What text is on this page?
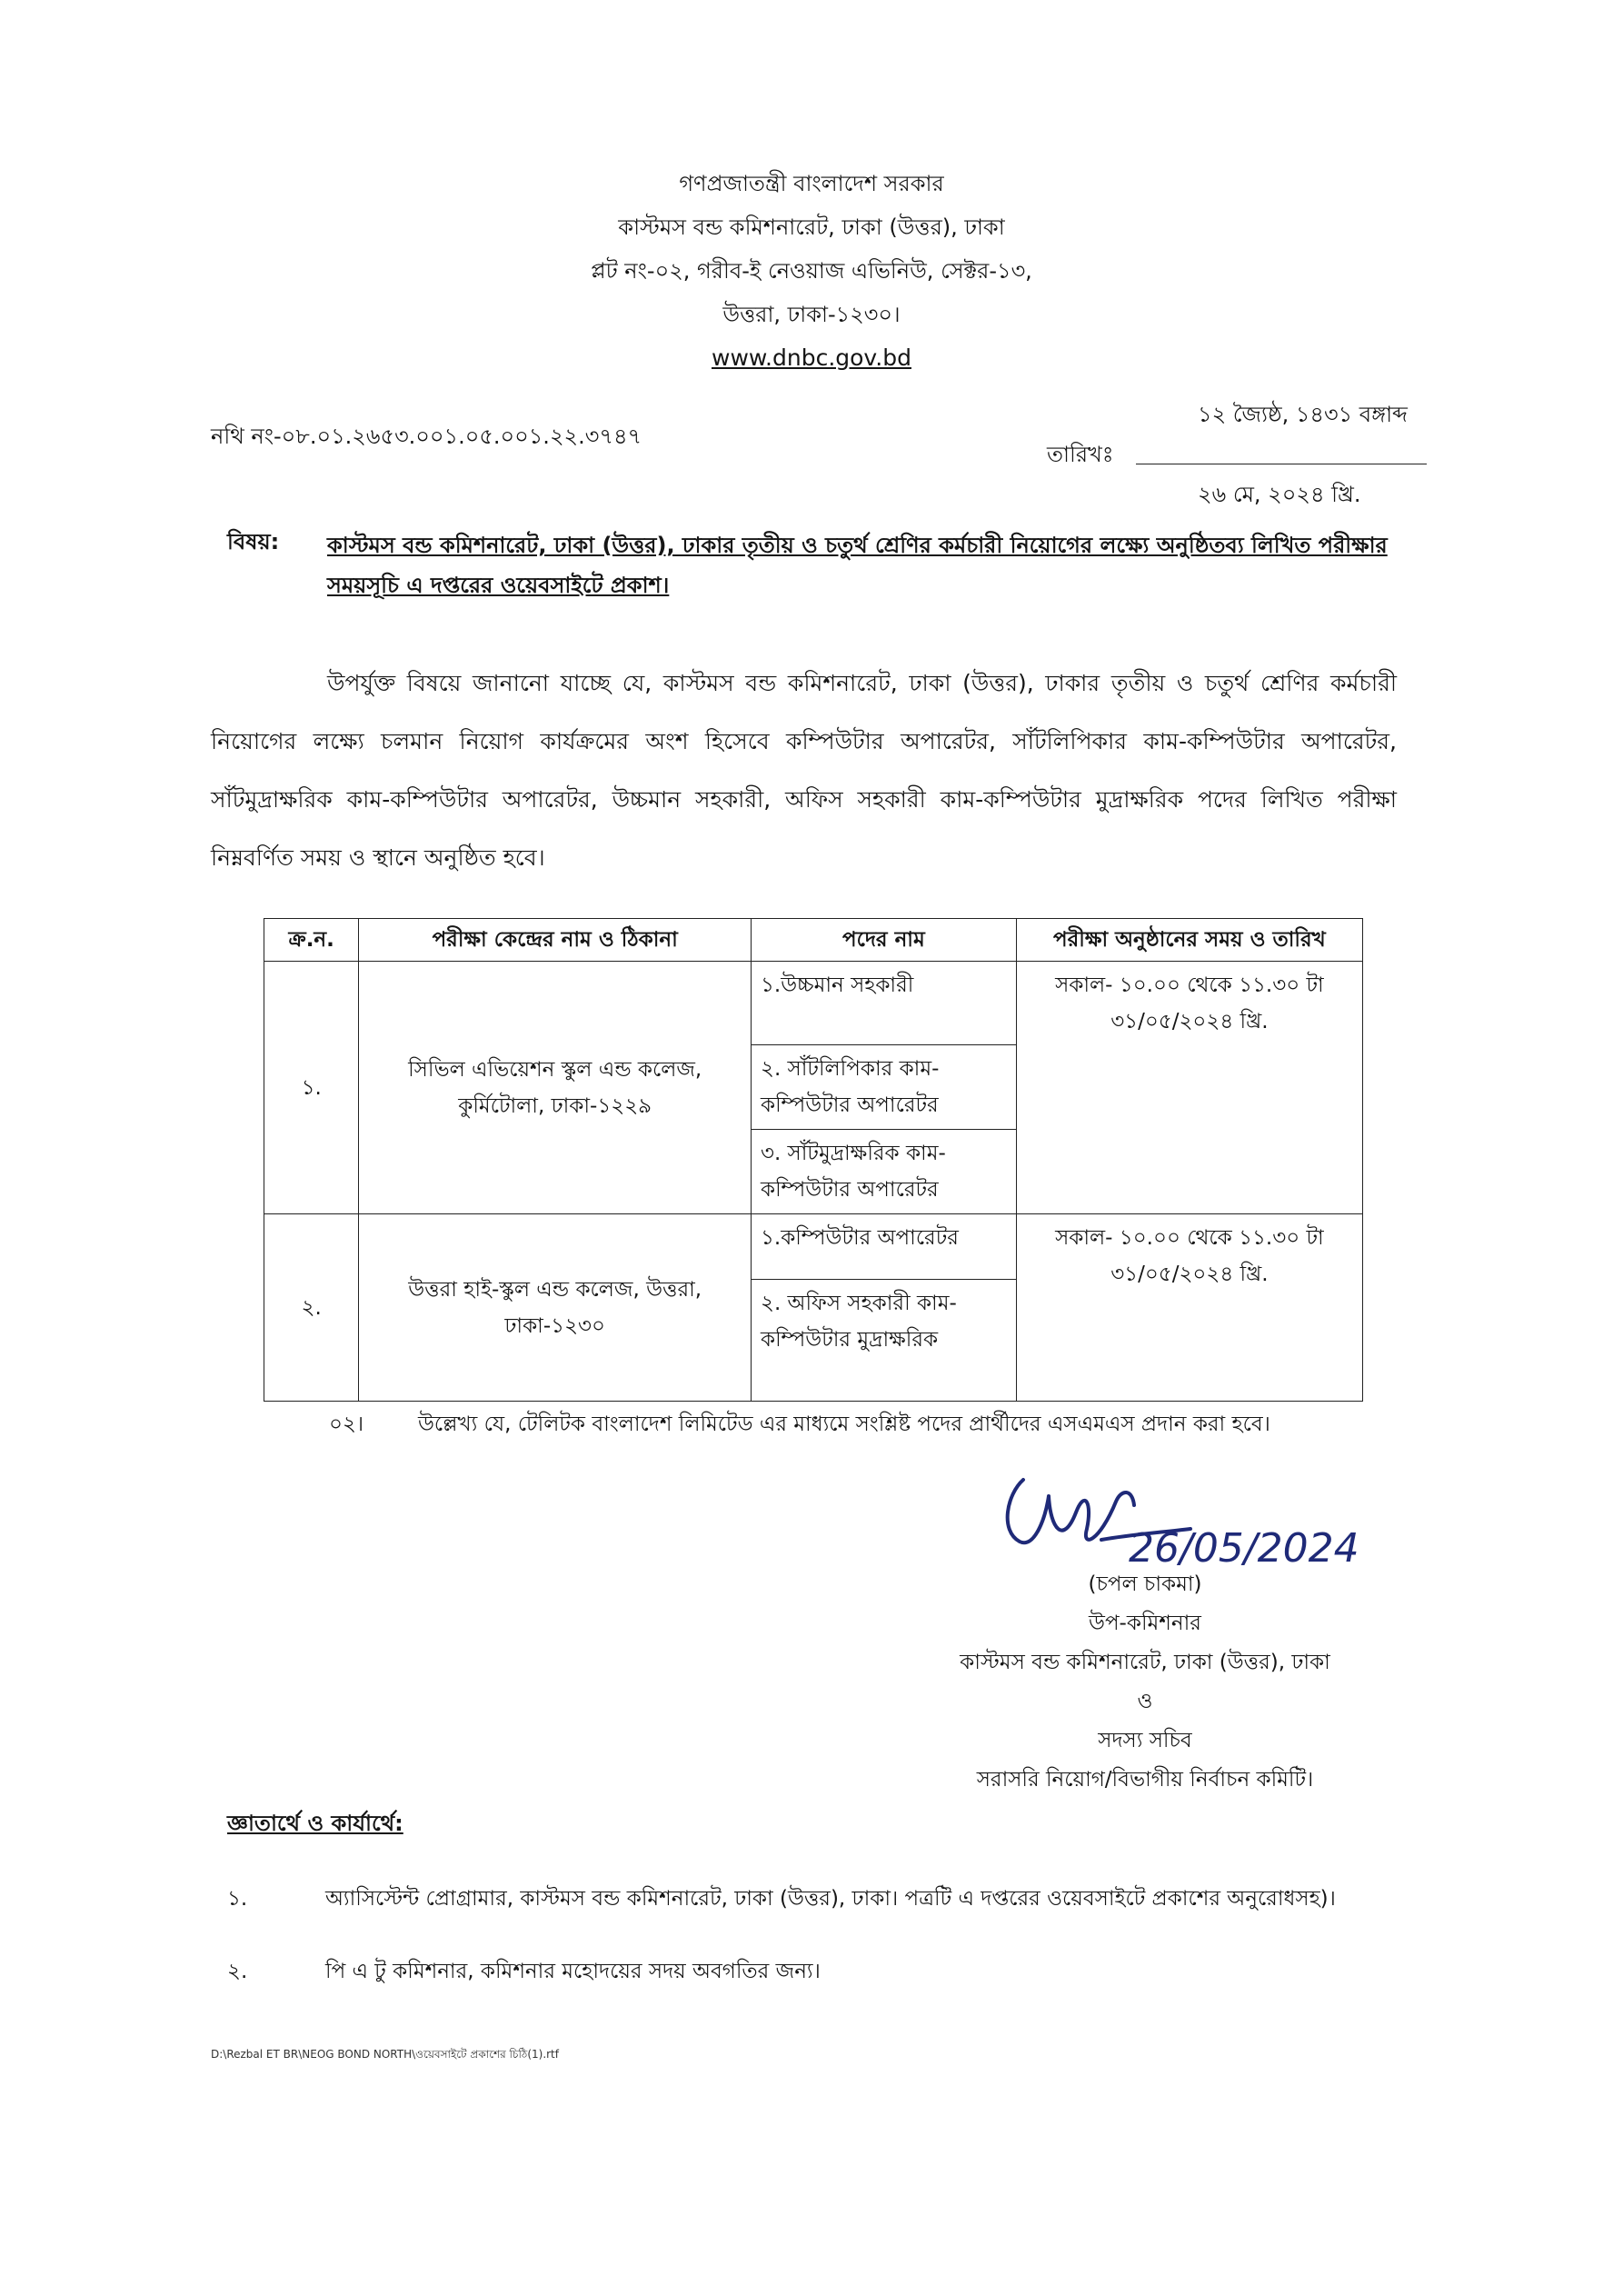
গণপ্রজাতন্ত্রী বাংলাদেশ সরকার
কাস্টমস বন্ড কমিশনারেট, ঢাকা (উত্তর), ঢাকা
প্লট নং-০২, গরীব-ই নেওয়াজ এভিনিউ, সেক্টর-১৩,
উত্তরা, ঢাকা-১২৩০।
www.dnbc.gov.bd
নথি নং-০৮.০১.২৬৫৩.০০১.০৫.০০১.২২.৩৭৪৭
১২ জ্যৈষ্ঠ, ১৪৩১ বঙ্গাব্দ
তারিখঃ
২৬ মে, ২০২৪ খ্রি.
বিষয়: কাস্টমস বন্ড কমিশনারেট, ঢাকা (উত্তর), ঢাকার তৃতীয় ও চতুর্থ শ্রেণির কর্মচারী নিয়োগের লক্ষ্যে অনুষ্ঠিতব্য লিখিত পরীক্ষার সময়সূচি এ দপ্তরের ওয়েবসাইটে প্রকাশ।
উপর্যুক্ত বিষয়ে জানানো যাচ্ছে যে, কাস্টমস বন্ড কমিশনারেট, ঢাকা (উত্তর), ঢাকার তৃতীয় ও চতুর্থ শ্রেণির কর্মচারী নিয়োগের লক্ষ্যে চলমান নিয়োগ কার্যক্রমের অংশ হিসেবে কম্পিউটার অপারেটর, সাঁটলিপিকার কাম-কম্পিউটার অপারেটর, সাঁটমুদ্রাক্ষরিক কাম-কম্পিউটার অপারেটর, উচ্চমান সহকারী, অফিস সহকারী কাম-কম্পিউটার মুদ্রাক্ষরিক পদের লিখিত পরীক্ষা নিম্নবর্ণিত সময় ও স্থানে অনুষ্ঠিত হবে।
ক্র.ন.	পরীক্ষা কেন্দ্রের নাম ও ঠিকানা	পদের নাম	পরীক্ষা অনুষ্ঠানের সময় ও তারিখ
১.	সিভিল এভিয়েশন স্কুল এন্ড কলেজ, কুর্মিটোলা, ঢাকা-১২২৯	১.উচ্চমান সহকারী	সকাল- ১০.০০ থেকে ১১.৩০ টা
৩১/০৫/২০২৪ খ্রি.

		২. সাঁটলিপিকার কাম-কম্পিউটার অপারেটর	
		৩. সাঁটমুদ্রাক্ষরিক কাম-কম্পিউটার অপারেটর	
২.	উত্তরা হাই-স্কুল এন্ড কলেজ, উত্তরা, ঢাকা-১২৩০	১.কম্পিউটার অপারেটর	সকাল- ১০.০০ থেকে ১১.৩০ টা
৩১/০৫/২০২৪ খ্রি.

		২. অফিস সহকারী কাম-কম্পিউটার মুদ্রাক্ষরিক	
০২।	উল্লেখ্য যে, টেলিটক বাংলাদেশ লিমিটেড এর মাধ্যমে সংশ্লিষ্ট পদের প্রার্থীদের এসএমএস প্রদান করা হবে।
26/05/2024
(চপল চাকমা)
উপ-কমিশনার
কাস্টমস বন্ড কমিশনারেট, ঢাকা (উত্তর), ঢাকা
ও
সদস্য সচিব
সরাসরি নিয়োগ/বিভাগীয় নির্বাচন কমিটি।
জ্ঞাতার্থে ও কার্যার্থে:
১.	অ্যাসিস্টেন্ট প্রোগ্রামার, কাস্টমস বন্ড কমিশনারেট, ঢাকা (উত্তর), ঢাকা। পত্রটি এ দপ্তরের ওয়েবসাইটে প্রকাশের অনুরোধসহ)।
২.	পি এ টু কমিশনার, কমিশনার মহোদয়ের সদয় অবগতির জন্য।
D:\Rezbal ET BR\NEOG BOND NORTH\ওয়েবসাইটে প্রকাশের চিঠি(1).rtf
